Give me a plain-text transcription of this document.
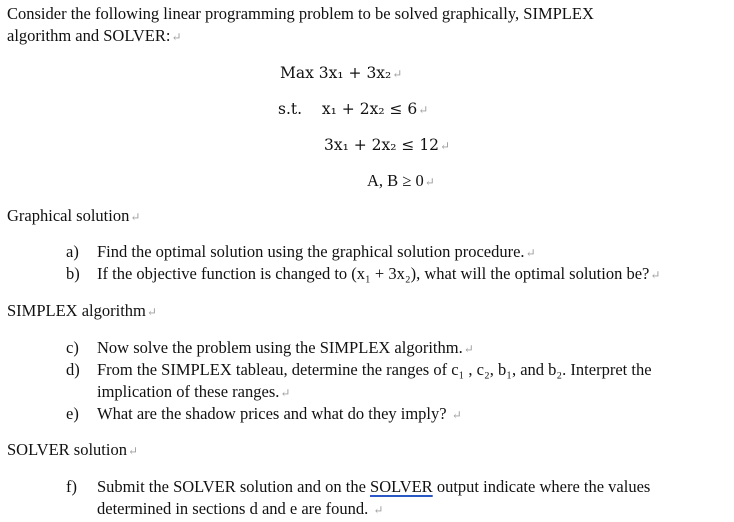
Consider the following linear programming problem to be solved graphically, SIMPLEX
algorithm and SOLVER:↵
Max 3x₁ + 3x₂↵
s.t. x₁ + 2x₂ ≤ 6↵
3x₁ + 2x₂ ≤ 12↵
A, B ≥ 0↵
Graphical solution↵
a) Find the optimal solution using the graphical solution procedure.↵
b) If the objective function is changed to (x₁ + 3x₂), what will the optimal solution be?↵
SIMPLEX algorithm↵
c) Now solve the problem using the SIMPLEX algorithm.↵
d) From the SIMPLEX tableau, determine the ranges of c₁ , c₂, b₁, and b₂. Interpret the
implication of these ranges.↵
e) What are the shadow prices and what do they imply? ↵
SOLVER solution↵
f) Submit the SOLVER solution and on the SOLVER output indicate where the values
determined in sections d and e are found. ↵
